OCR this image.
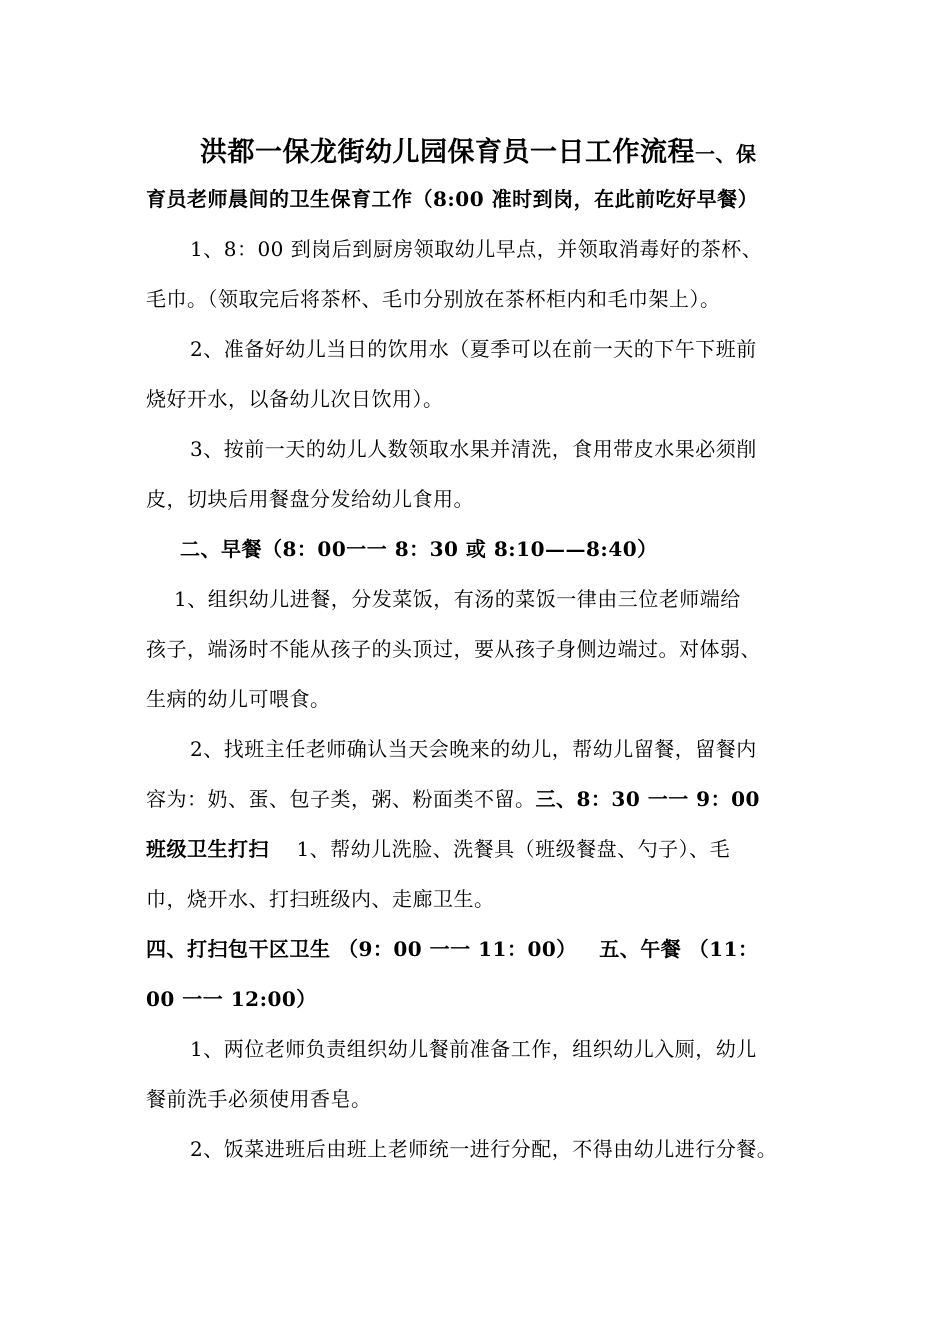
洪都一保龙街幼儿园保育员一日工作流程一、保
育员老师晨间的卫生保育工作（8:00 准时到岗，在此前吃好早餐）
1、8：00 到岗后到厨房领取幼儿早点，并领取消毒好的茶杯、
毛巾。（领取完后将茶杯、毛巾分别放在茶杯柜内和毛巾架上）。
2、准备好幼儿当日的饮用水（夏季可以在前一天的下午下班前
烧好开水，以备幼儿次日饮用）。
3、按前一天的幼儿人数领取水果并清洗，食用带皮水果必须削
皮，切块后用餐盘分发给幼儿食用。
二、早餐（8：00一一 8：30 或 8:10——8:40）
1、组织幼儿进餐，分发菜饭，有汤的菜饭一律由三位老师端给
孩子，端汤时不能从孩子的头顶过，要从孩子身侧边端过。对体弱、
生病的幼儿可喂食。
2、找班主任老师确认当天会晚来的幼儿，帮幼儿留餐，留餐内
容为：奶、蛋、包子类，粥、粉面类不留。三、8：30 一一 9：00
班级卫生打扫 1、帮幼儿洗脸、洗餐具（班级餐盘、勺子）、毛
巾，烧开水、打扫班级内、走廊卫生。
四、打扫包干区卫生 （9：00 一一 11：00） 五、午餐 （11：
00 一一 12:00）
1、两位老师负责组织幼儿餐前准备工作，组织幼儿入厕，幼儿
餐前洗手必须使用香皂。
2、饭菜进班后由班上老师统一进行分配，不得由幼儿进行分餐。
